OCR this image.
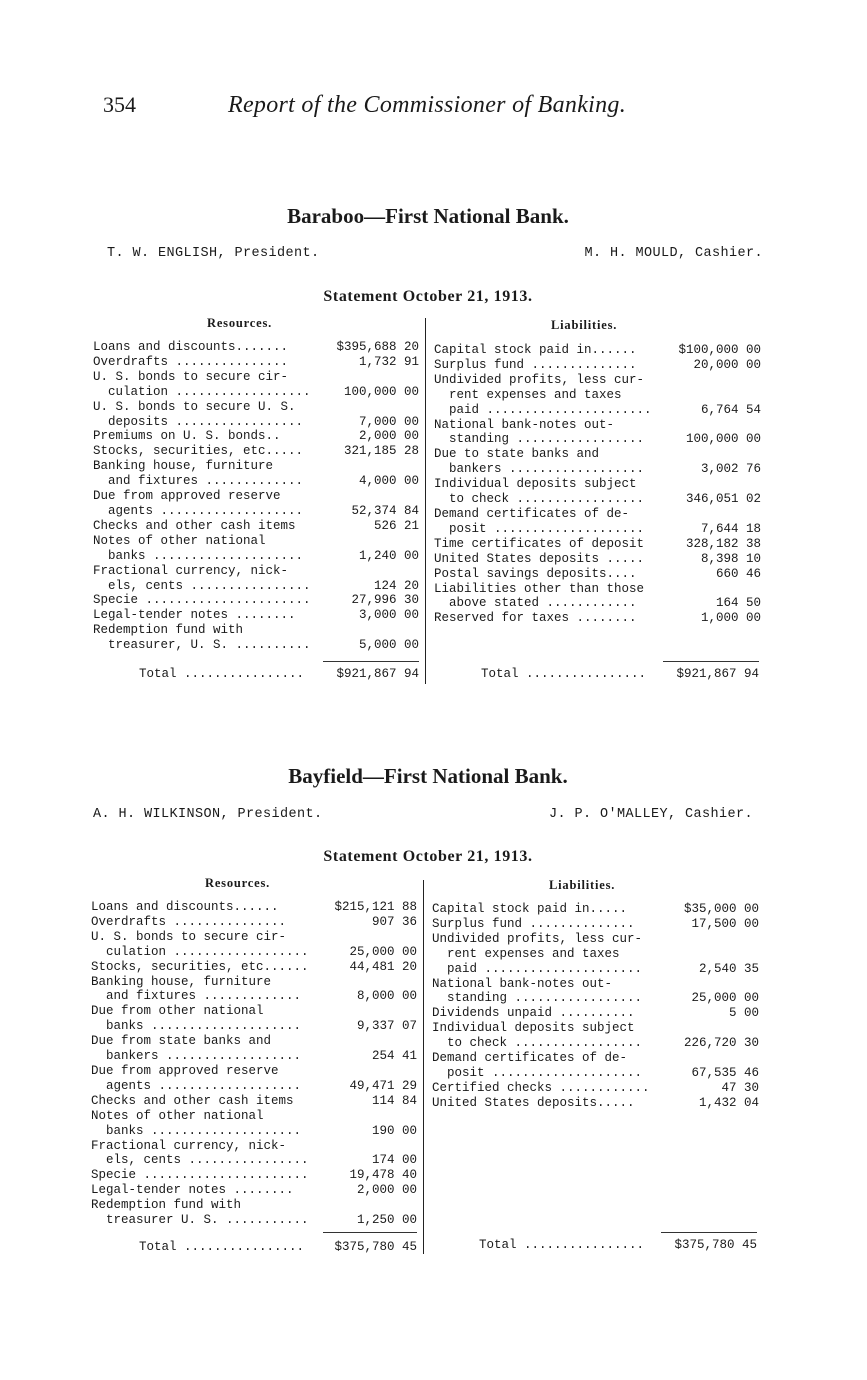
354	Report of the Commissioner of Banking.
Baraboo—First National Bank.
T. W. ENGLISH, President.	M. H. MOULD, Cashier.
Statement October 21, 1913.
Resources.	Liabilities.
Loans and discounts.......	$395,688 20
Overdrafts ...............	1,732 91
U. S. bonds to secure cir-
culation ..................	100,000 00
U. S. bonds to secure U. S.
deposits .................	7,000 00
Premiums on U. S. bonds..	2,000 00
Stocks, securities, etc.....	321,185 28
Banking house, furniture
and fixtures .............	4,000 00
Due from approved reserve
agents ...................	52,374 84
Checks and other cash items	526 21
Notes of other national
banks ....................	1,240 00
Fractional currency, nick-
els, cents ................	124 20
Specie ......................	27,996 30
Legal-tender notes ........	3,000 00
Redemption fund with
treasurer, U. S. ..........	5,000 00
Capital stock paid in......	$100,000 00
Surplus fund ..............	20,000 00
Undivided profits, less cur-
rent expenses and taxes
paid ......................	6,764 54
National bank-notes out-
standing .................	100,000 00
Due to state banks and
bankers ..................	3,002 76
Individual deposits subject
to check .................	346,051 02
Demand certificates of de-
posit ....................	7,644 18
Time certificates of deposit	328,182 38
United States deposits .....	8,398 10
Postal savings deposits....	660 46
Liabilities other than those
above stated ............	164 50
Reserved for taxes ........	1,000 00
Total ................	$921,867 94	Total ................	$921,867 94
Bayfield—First National Bank.
A. H. WILKINSON, President.	J. P. O'MALLEY, Cashier.
Statement October 21, 1913.
Resources.	Liabilities.
Loans and discounts......	$215,121 88
Overdrafts ...............	907 36
U. S. bonds to secure cir-
culation ..................	25,000 00
Stocks, securities, etc......	44,481 20
Banking house, furniture
and fixtures .............	8,000 00
Due from other national
banks ....................	9,337 07
Due from state banks and
bankers ..................	254 41
Due from approved reserve
agents ...................	49,471 29
Checks and other cash items	114 84
Notes of other national
banks ....................	190 00
Fractional currency, nick-
els, cents ................	174 00
Specie ......................	19,478 40
Legal-tender notes ........	2,000 00
Redemption fund with
treasurer U. S. ...........	1,250 00
Capital stock paid in.....	$35,000 00
Surplus fund ..............	17,500 00
Undivided profits, less cur-
rent expenses and taxes
paid .....................	2,540 35
National bank-notes out-
standing .................	25,000 00
Dividends unpaid ..........	5 00
Individual deposits subject
to check .................	226,720 30
Demand certificates of de-
posit ....................	67,535 46
Certified checks ............	47 30
United States deposits.....	1,432 04
Total ................	$375,780 45	Total ................	$375,780 45
